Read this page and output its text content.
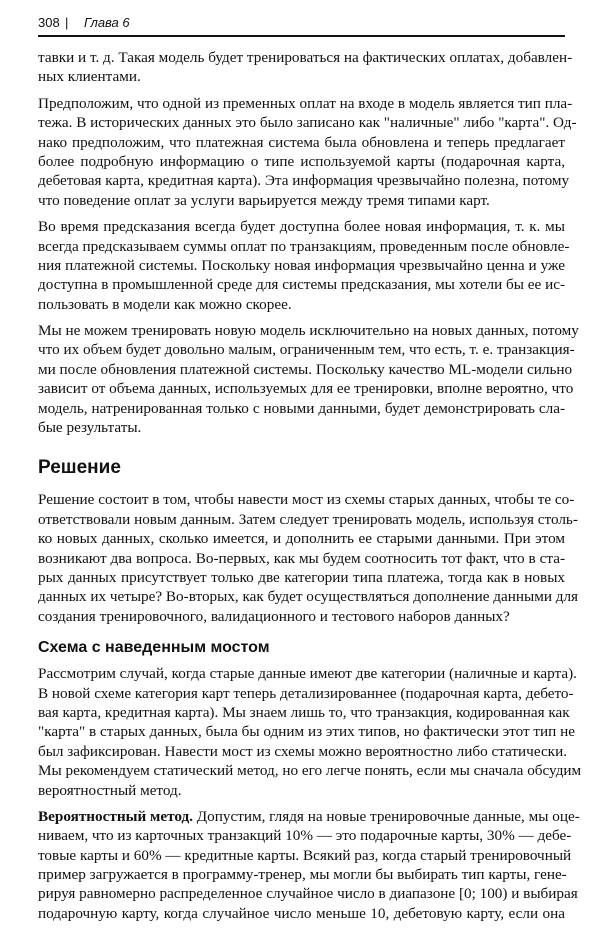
308 | Глава 6
тавки и т. д. Такая модель будет тренироваться на фактических оплатах, добавлен-
ных клиентами.
Предположим, что одной из пременных оплат на входе в модель является тип пла-
тежа. В исторических данных это было записано как "наличные" либо "карта". Од-
нако предположим, что платежная система была обновлена и теперь предлагает
более подробную информацию о типе используемой карты (подарочная карта,
дебетовая карта, кредитная карта). Эта информация чрезвычайно полезна, потому
что поведение оплат за услуги варьируется между тремя типами карт.
Во время предсказания всегда будет доступна более новая информация, т. к. мы
всегда предсказываем суммы оплат по транзакциям, проведенным после обновле-
ния платежной системы. Поскольку новая информация чрезвычайно ценна и уже
доступна в промышленной среде для системы предсказания, мы хотели бы ее ис-
пользовать в модели как можно скорее.
Мы не можем тренировать новую модель исключительно на новых данных, потому
что их объем будет довольно малым, ограниченным тем, что есть, т. е. транзакция-
ми после обновления платежной системы. Поскольку качество ML-модели сильно
зависит от объема данных, используемых для ее тренировки, вполне вероятно, что
модель, натренированная только с новыми данными, будет демонстрировать сла-
бые результаты.
Решение
Решение состоит в том, чтобы навести мост из схемы старых данных, чтобы те со-
ответствовали новым данным. Затем следует тренировать модель, используя столь-
ко новых данных, сколько имеется, и дополнить ее старыми данными. При этом
возникают два вопроса. Во-первых, как мы будем соотносить тот факт, что в ста-
рых данных присутствует только две категории типа платежа, тогда как в новых
данных их четыре? Во-вторых, как будет осуществляться дополнение данными для
создания тренировочного, валидационного и тестового наборов данных?
Схема с наведенным мостом
Рассмотрим случай, когда старые данные имеют две категории (наличные и карта).
В новой схеме категория карт теперь детализированнее (подарочная карта, дебето-
вая карта, кредитная карта). Мы знаем лишь то, что транзакция, кодированная как
"карта" в старых данных, была бы одним из этих типов, но фактически этот тип не
был зафиксирован. Навести мост из схемы можно вероятностно либо статически.
Мы рекомендуем статический метод, но его легче понять, если мы сначала обсудим
вероятностный метод.
Вероятностный метод. Допустим, глядя на новые тренировочные данные, мы оце-
ниваем, что из карточных транзакций 10% — это подарочные карты, 30% — дебе-
товые карты и 60% — кредитные карты. Всякий раз, когда старый тренировочный
пример загружается в программу-тренер, мы могли бы выбирать тип карты, гене-
рируя равномерно распределенное случайное число в диапазоне [0; 100) и выбирая
подарочную карту, когда случайное число меньше 10, дебетовую карту, если она
